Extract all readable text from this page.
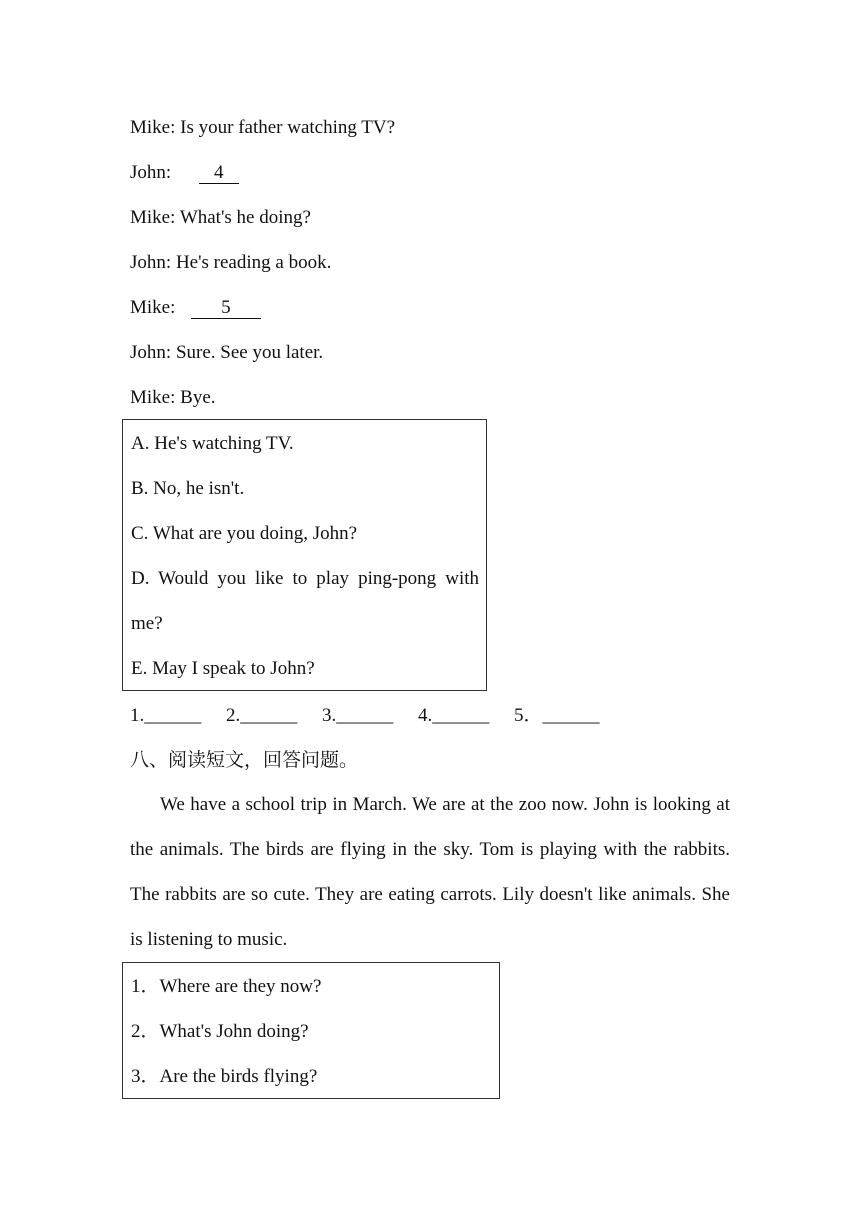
Mike: Is your father watching TV?
John: 4
Mike: What's he doing?
John: He's reading a book.
Mike: 5
John: Sure. See you later.
Mike: Bye.
A. He's watching TV.
B. No, he isn't.
C. What are you doing, John?
D. Would you like to play ping-pong with
me?
E. May I speak to John?
1.______ 2.______ 3.______ 4.______ 5．______
八、阅读短文，回答问题。
We have a school trip in March. We are at the zoo now. John is looking at the animals. The birds are flying in the sky. Tom is playing with the rabbits. The rabbits are so cute. They are eating carrots. Lily doesn't like animals. She is listening to music.
1．Where are they now?
2．What's John doing?
3．Are the birds flying?
